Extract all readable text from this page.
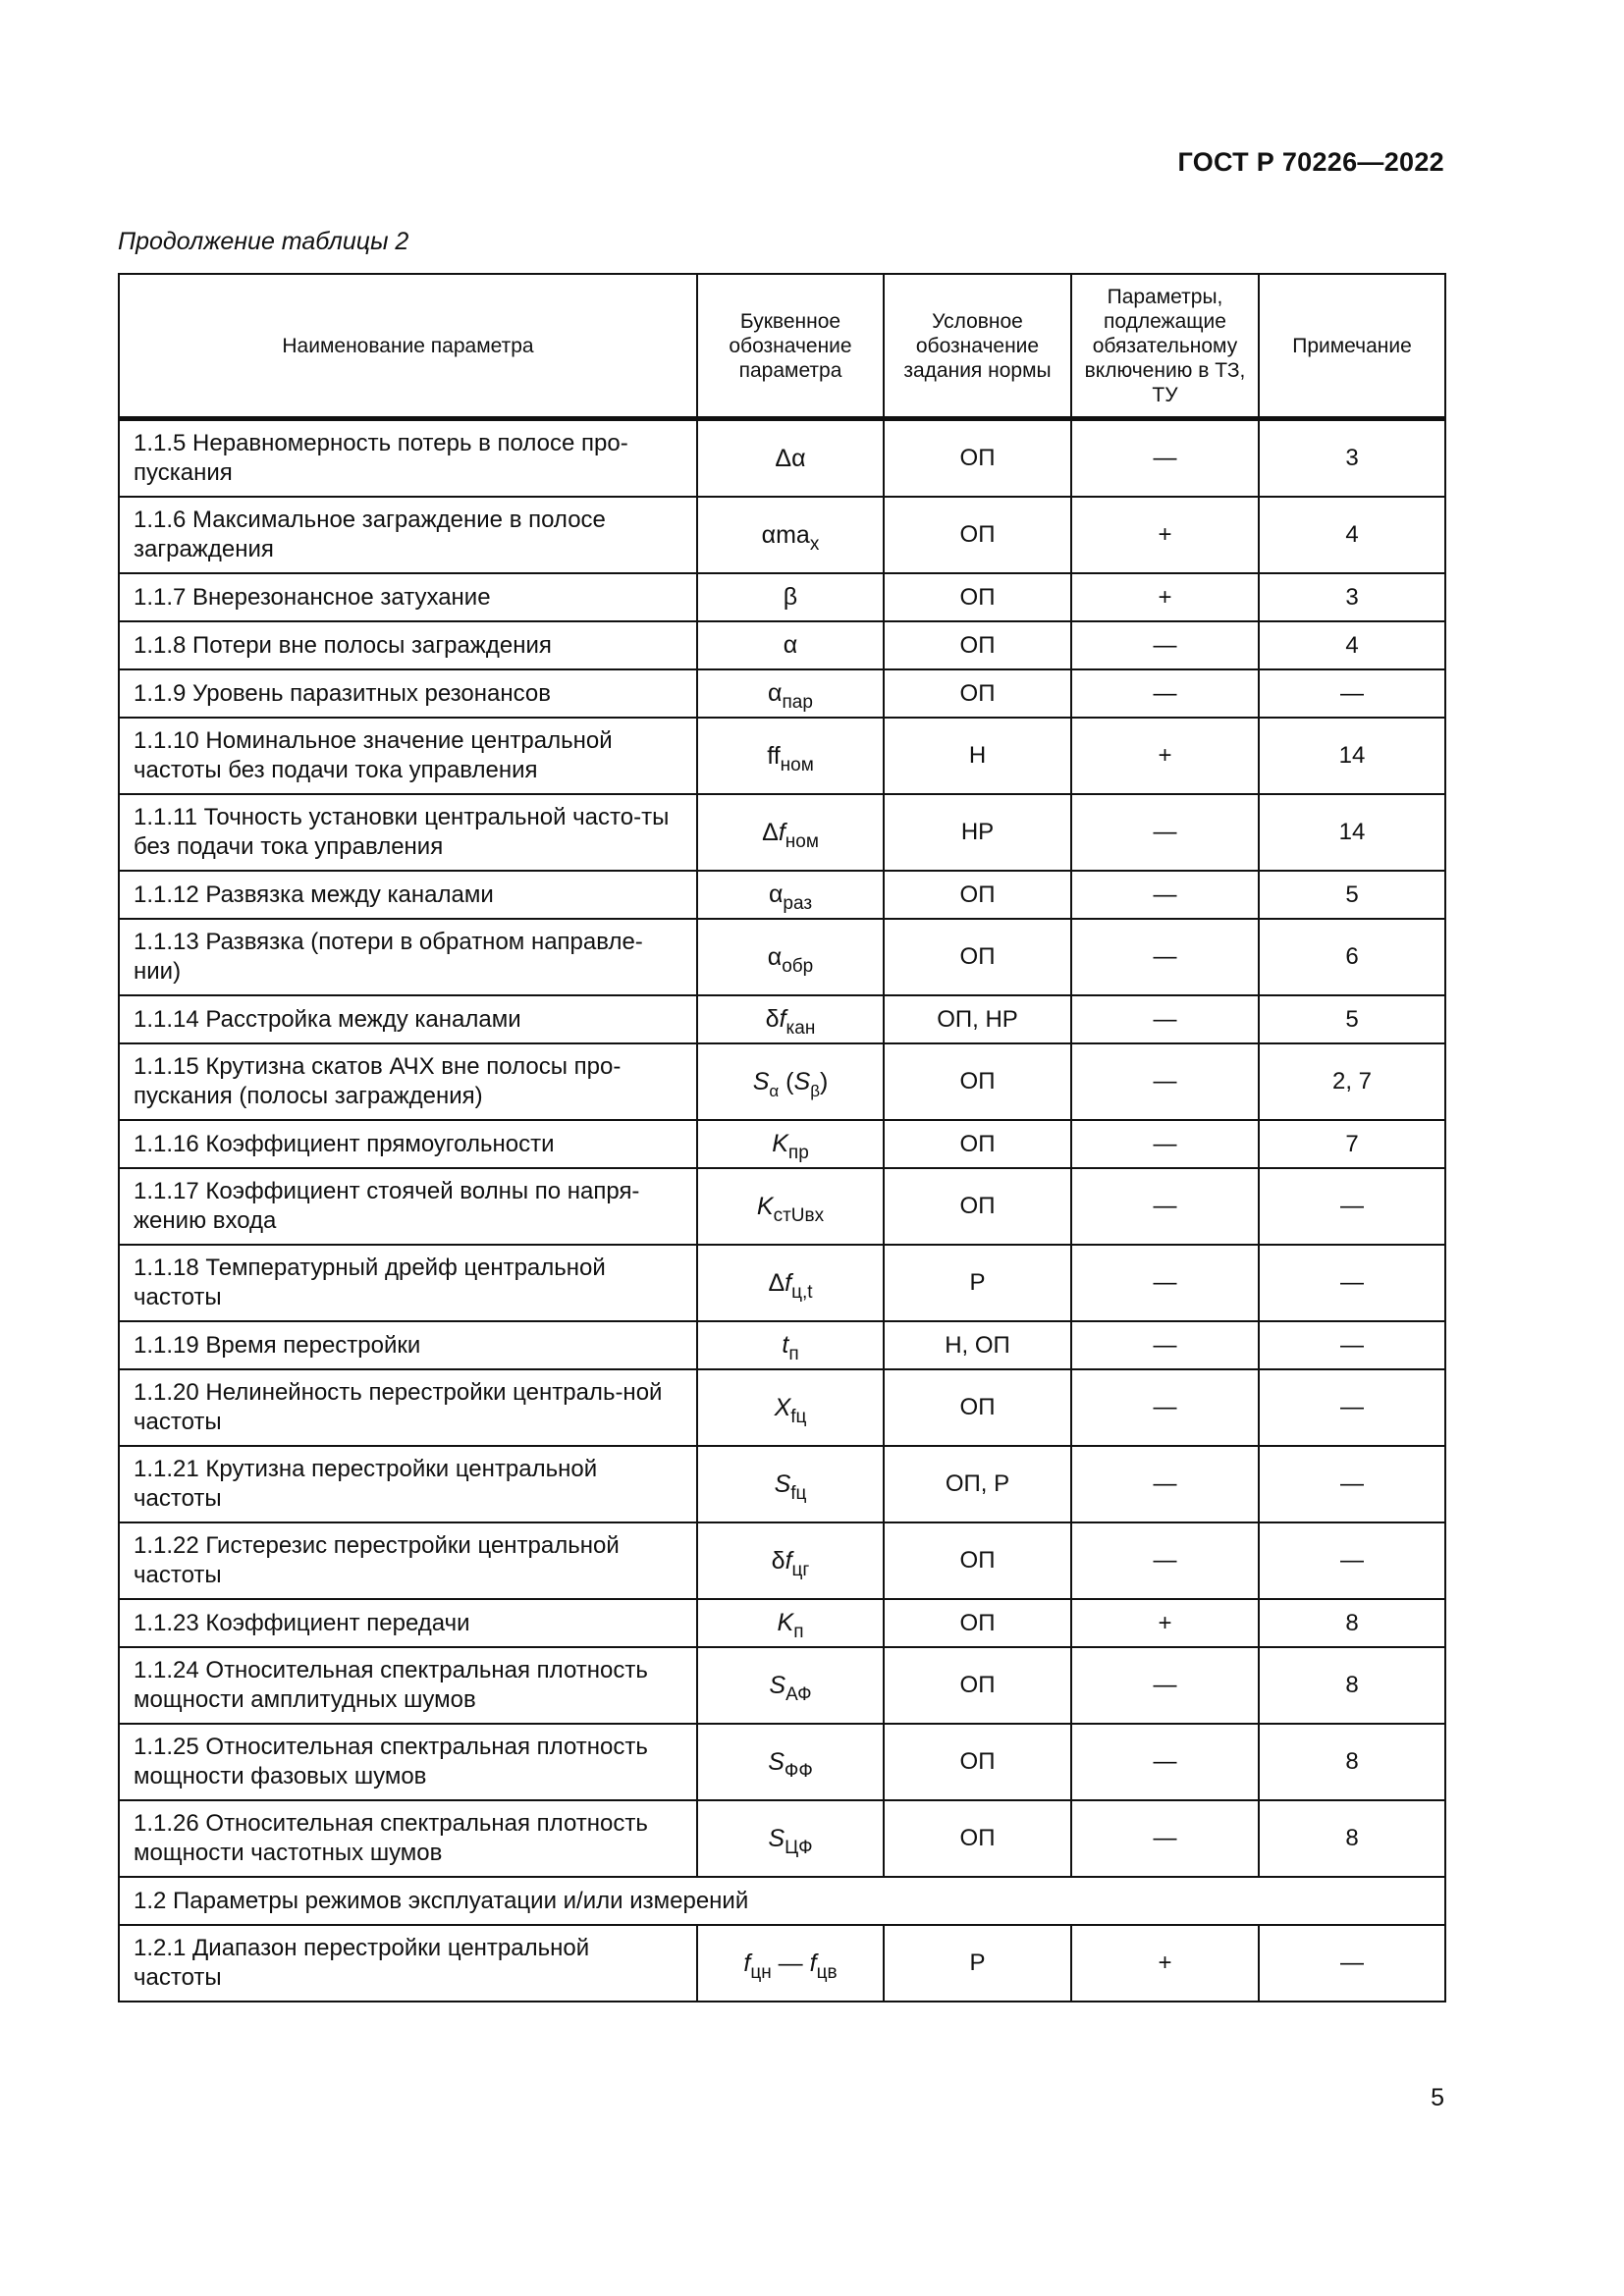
ГОСТ Р 70226—2022
Продолжение таблицы 2
Наименование параметра	Буквенное обозначение параметра	Условное обозначение задания нормы	Параметры, подлежащие обязательному включению в ТЗ, ТУ	Примечание
1.1.5 Неравномерность потерь в полосе про-пускания	Δα	ОП	—	3
1.1.6 Максимальное заграждение в полосе заграждения	αma$_x$	ОП	+	4
1.1.7 Внерезонансное затухание	β	ОП	+	3
1.1.8 Потери вне полосы заграждения	α	ОП	—	4
1.1.9 Уровень паразитных резонансов	$\alpha_{пар}$	ОП	—	—
1.1.10 Номинальное значение центральной частоты без подачи тока управления	$ff_{ном}$	Н	+	14
1.1.11 Точность установки центральной часто-ты без подачи тока управления	$\Delta f_{ном}$	НР	—	14
1.1.12 Развязка между каналами	$\alpha_{раз}$	ОП	—	5
1.1.13 Развязка (потери в обратном направле-нии)	$\alpha_{обр}$	ОП	—	6
1.1.14 Расстройка между каналами	$\delta f_{кан}$	ОП, НР	—	5
1.1.15 Крутизна скатов АЧХ вне полосы про-пускания (полосы заграждения)	$S_\alpha$ $(S_\beta)$	ОП	—	2, 7
1.1.16 Коэффициент прямоугольности	$K_{пр}$	ОП	—	7
1.1.17 Коэффициент стоячей волны по напря-жению входа	$K_{стUвх}$	ОП	—	—
1.1.18 Температурный дрейф центральной частоты	$\Delta f_{ц,t}$	Р	—	—
1.1.19 Время перестройки	$t_п$	Н, ОП	—	—
1.1.20 Нелинейность перестройки централь-ной частоты	$X_{fц}$	ОП	—	—
1.1.21 Крутизна перестройки центральной частоты	$S_{fц}$	ОП, Р	—	—
1.1.22 Гистерезис перестройки центральной частоты	$\delta f_{цг}$	ОП	—	—
1.1.23 Коэффициент передачи	$K_п$	ОП	+	8
1.1.24 Относительная спектральная плотность мощности амплитудных шумов	$S_{АФ}$	ОП	—	8
1.1.25 Относительная спектральная плотность мощности фазовых шумов	$S_{ФФ}$	ОП	—	8
1.1.26 Относительная спектральная плотность мощности частотных шумов	$S_{ЦФ}$	ОП	—	8
1.2 Параметры режимов эксплуатации и/или измерений				
1.2.1 Диапазон перестройки центральной частоты	$f_{цн}$ — $f_{цв}$	Р	+	—
5
